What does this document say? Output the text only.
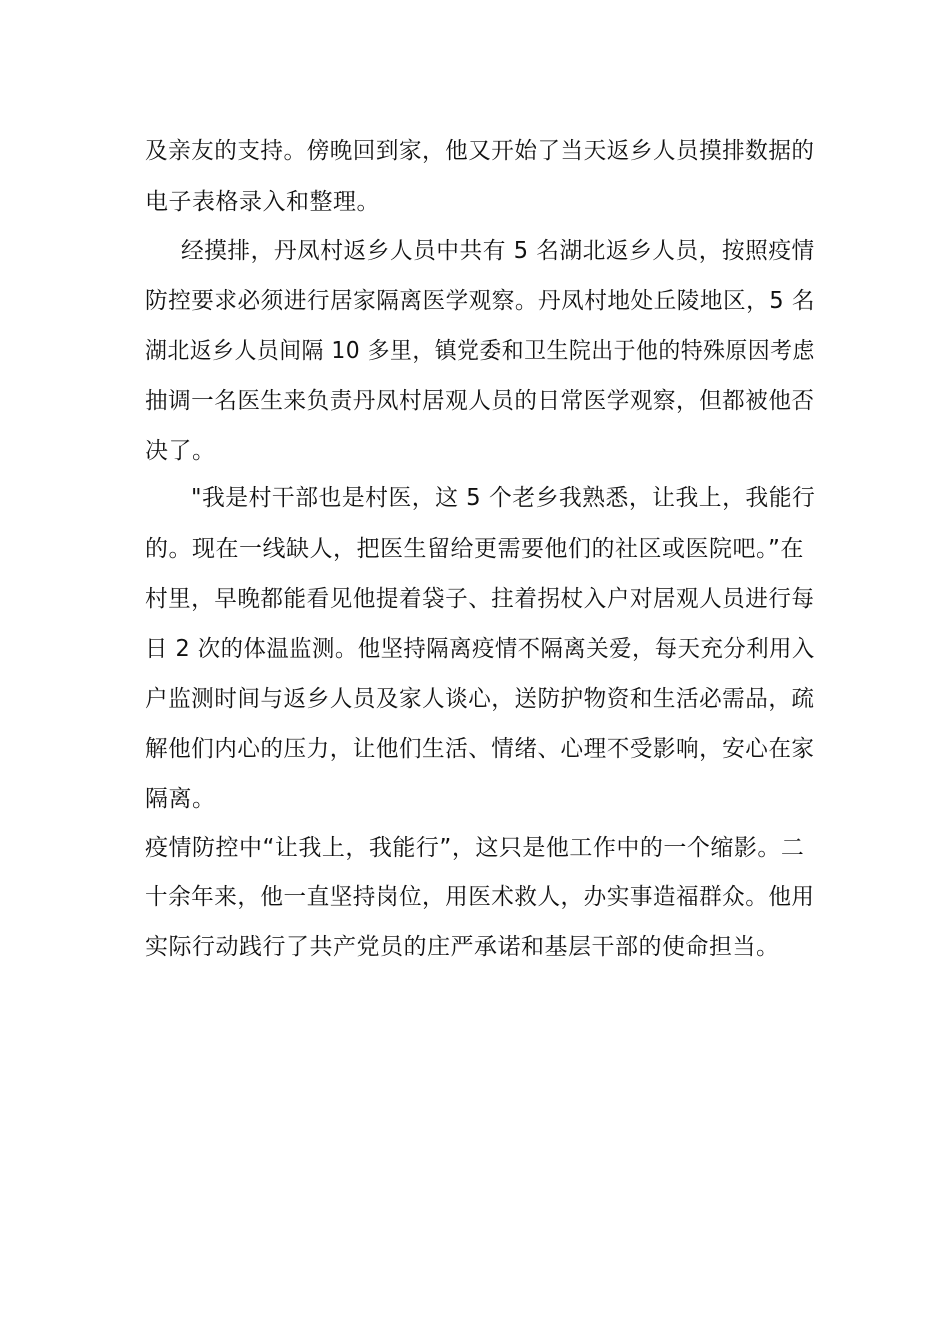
及亲友的支持。傍晚回到家，他又开始了当天返乡人员摸排数据的
电子表格录入和整理。
经摸排，丹凤村返乡人员中共有 5 名湖北返乡人员，按照疫情
防控要求必须进行居家隔离医学观察。丹凤村地处丘陵地区，5 名
湖北返乡人员间隔 10 多里，镇党委和卫生院出于他的特殊原因考虑
抽调一名医生来负责丹凤村居观人员的日常医学观察，但都被他否
决了。
"我是村干部也是村医，这 5 个老乡我熟悉，让我上，我能行
的。现在一线缺人，把医生留给更需要他们的社区或医院吧。”在
村里，早晚都能看见他提着袋子、拄着拐杖入户对居观人员进行每
日 2 次的体温监测。他坚持隔离疫情不隔离关爱，每天充分利用入
户监测时间与返乡人员及家人谈心，送防护物资和生活必需品，疏
解他们内心的压力，让他们生活、情绪、心理不受影响，安心在家
隔离。
疫情防控中“让我上，我能行”，这只是他工作中的一个缩影。二
十余年来，他一直坚持岗位，用医术救人，办实事造福群众。他用
实际行动践行了共产党员的庄严承诺和基层干部的使命担当。
